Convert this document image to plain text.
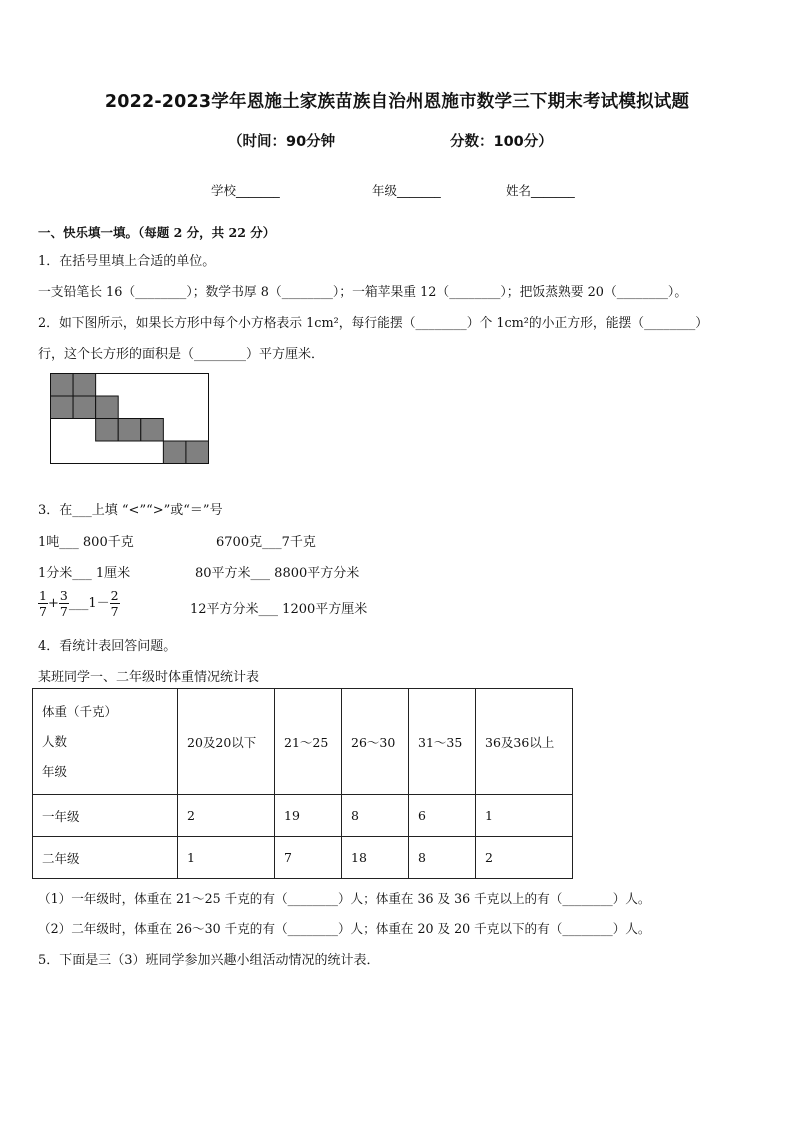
2022-2023学年恩施土家族苗族自治州恩施市数学三下期末考试模拟试题
（时间：90分钟	分数：100分）
学校_______	年级_______	姓名_______
一、快乐填一填。（每题 2 分，共 22 分）
1．在括号里填上合适的单位。
一支铅笔长 16（________）；数学书厚 8（________）；一箱苹果重 12（________）；把饭蒸熟要 20（________）。
2．如下图所示，如果长方形中每个小方格表示 1cm²，每行能摆（________）个 1cm²的小正方形，能摆（________）
行，这个长方形的面积是（________）平方厘米．
3．在___上填 “<”“>”或“＝”号
1吨___ 800千克	6700克___7千克
1分米___ 1厘米	80平方米___ 8800平方分米
$\frac{1}{7} + \frac{3}{7}$ ___1－ $\frac{2}{7}$	12平方分米___ 1200平方厘米
4．看统计表回答问题。
某班同学一、二年级时体重情况统计表
体重（千克）
人数
年级	20及20以下	21～25	26～30	31～35	36及36以上
一年级	2	19	8	6	1
二年级	1	7	18	8	2
（1）一年级时，体重在 21～25 千克的有（________）人；体重在 36 及 36 千克以上的有（________）人。
（2）二年级时，体重在 26～30 千克的有（________）人；体重在 20 及 20 千克以下的有（________）人。
5．下面是三（3）班同学参加兴趣小组活动情况的统计表．
